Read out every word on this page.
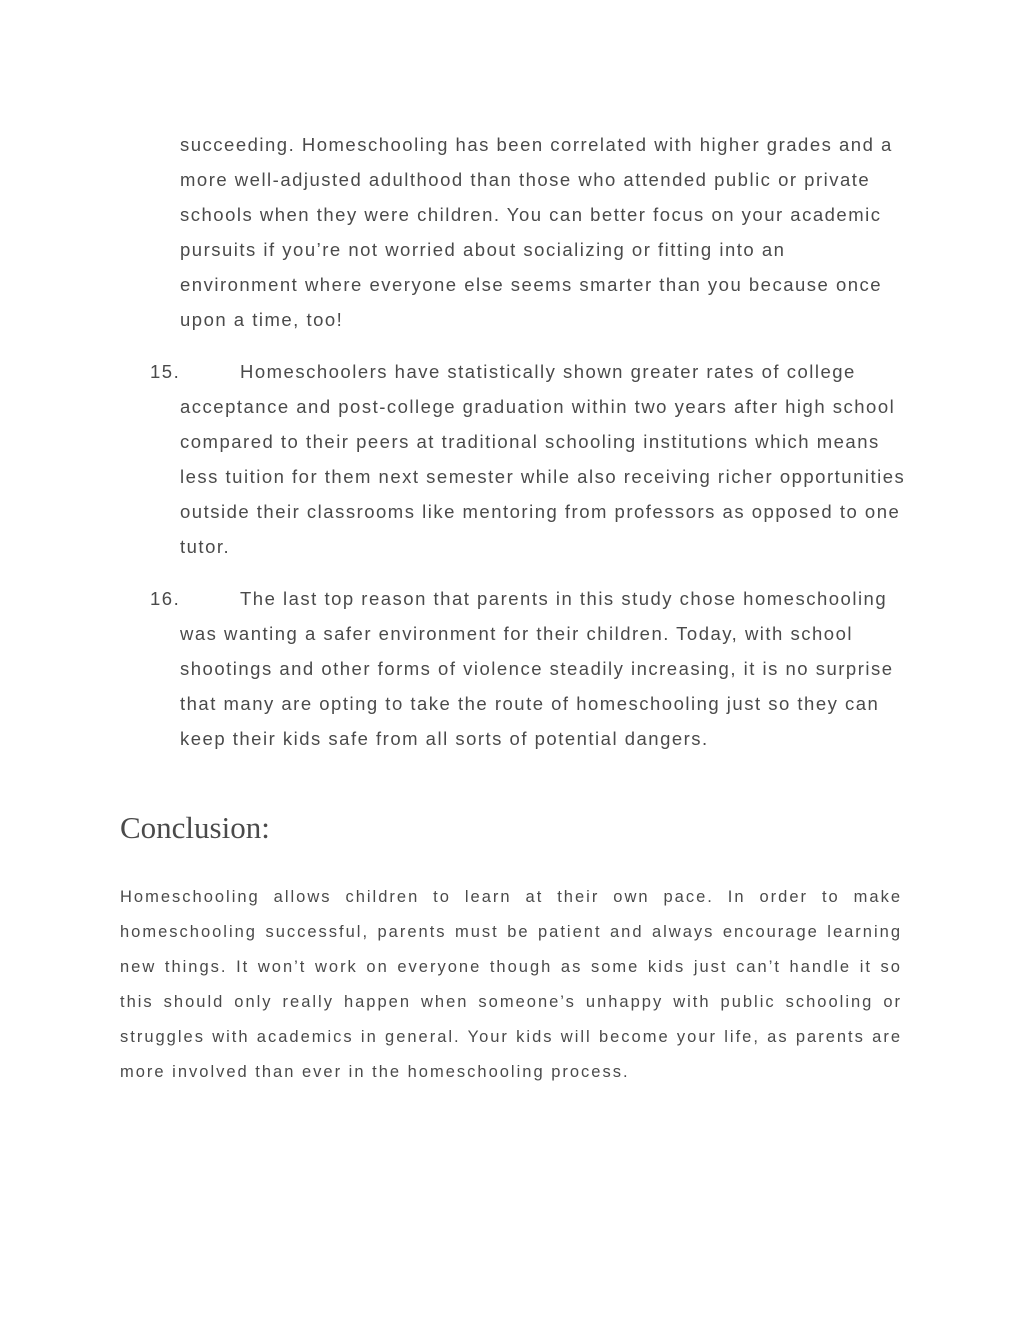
succeeding. Homeschooling has been correlated with higher grades and a more well-adjusted adulthood than those who attended public or private schools when they were children. You can better focus on your academic pursuits if you’re not worried about socializing or fitting into an environment where everyone else seems smarter than you because once upon a time, too!

15.	Homeschoolers have statistically shown greater rates of college acceptance and post-college graduation within two years after high school compared to their peers at traditional schooling institutions which means less tuition for them next semester while also receiving richer opportunities outside their classrooms like mentoring from professors as opposed to one tutor.
16.	The last top reason that parents in this study chose homeschooling was wanting a safer environment for their children. Today, with school shootings and other forms of violence steadily increasing, it is no surprise that many are opting to take the route of homeschooling just so they can keep their kids safe from all sorts of potential dangers.
Conclusion:

Homeschooling allows children to learn at their own pace. In order to make homeschooling successful, parents must be patient and always encourage learning new things. It won’t work on everyone though as some kids just can’t handle it so this should only really happen when someone’s unhappy with public schooling or struggles with academics in general. Your kids will become your life, as parents are more involved than ever in the homeschooling process.
